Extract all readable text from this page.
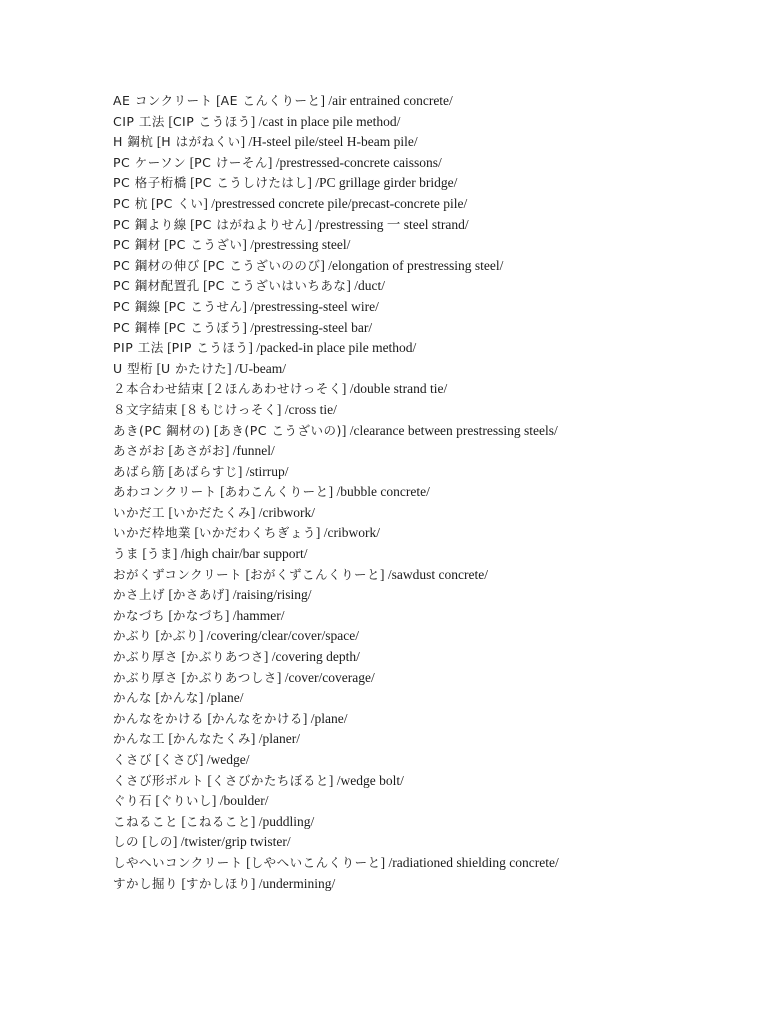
AE コンクリート [AE こんくりーと] /air entrained concrete/
CIP 工法 [CIP こうほう] /cast in place pile method/
H 鋼杭 [H はがねくい] /H-steel pile/steel H-beam pile/
PC ケーソン [PC けーそん] /prestressed-concrete caissons/
PC 格子桁橋 [PC こうしけたはし] /PC grillage girder bridge/
PC 杭 [PC くい] /prestressed concrete pile/precast-concrete pile/
PC 鋼より線 [PC はがねよりせん] /prestressing 一 steel strand/
PC 鋼材 [PC こうざい] /prestressing steel/
PC 鋼材の伸び [PC こうざいののび] /elongation of prestressing steel/
PC 鋼材配置孔 [PC こうざいはいちあな] /duct/
PC 鋼線 [PC こうせん] /prestressing-steel wire/
PC 鋼棒 [PC こうぼう] /prestressing-steel bar/
PIP 工法 [PIP こうほう] /packed-in place pile method/
U 型桁 [U かたけた] /U-beam/
２本合わせ結束 [２ほんあわせけっそく] /double strand tie/
８文字結束 [８もじけっそく] /cross tie/
あき(PC 鋼材の) [あき(PC こうざいの)] /clearance between prestressing steels/
あさがお [あさがお] /funnel/
あばら筋 [あばらすじ] /stirrup/
あわコンクリート [あわこんくりーと] /bubble concrete/
いかだ工 [いかだたくみ] /cribwork/
いかだ枠地業 [いかだわくちぎょう] /cribwork/
うま [うま] /high chair/bar support/
おがくずコンクリート [おがくずこんくりーと] /sawdust concrete/
かさ上げ [かさあげ] /raising/rising/
かなづち [かなづち] /hammer/
かぶり [かぶり] /covering/clear/cover/space/
かぶり厚さ [かぶりあつさ] /covering depth/
かぶり厚さ [かぶりあつしさ] /cover/coverage/
かんな [かんな] /plane/
かんなをかける [かんなをかける] /plane/
かんな工 [かんなたくみ] /planer/
くさび [くさび] /wedge/
くさび形ボルト [くさびかたちぼると] /wedge bolt/
ぐり石 [ぐりいし] /boulder/
こねること [こねること] /puddling/
しの [しの] /twister/grip twister/
しやへいコンクリート [しやへいこんくりーと] /radiationed shielding concrete/
すかし掘り [すかしほり] /undermining/
